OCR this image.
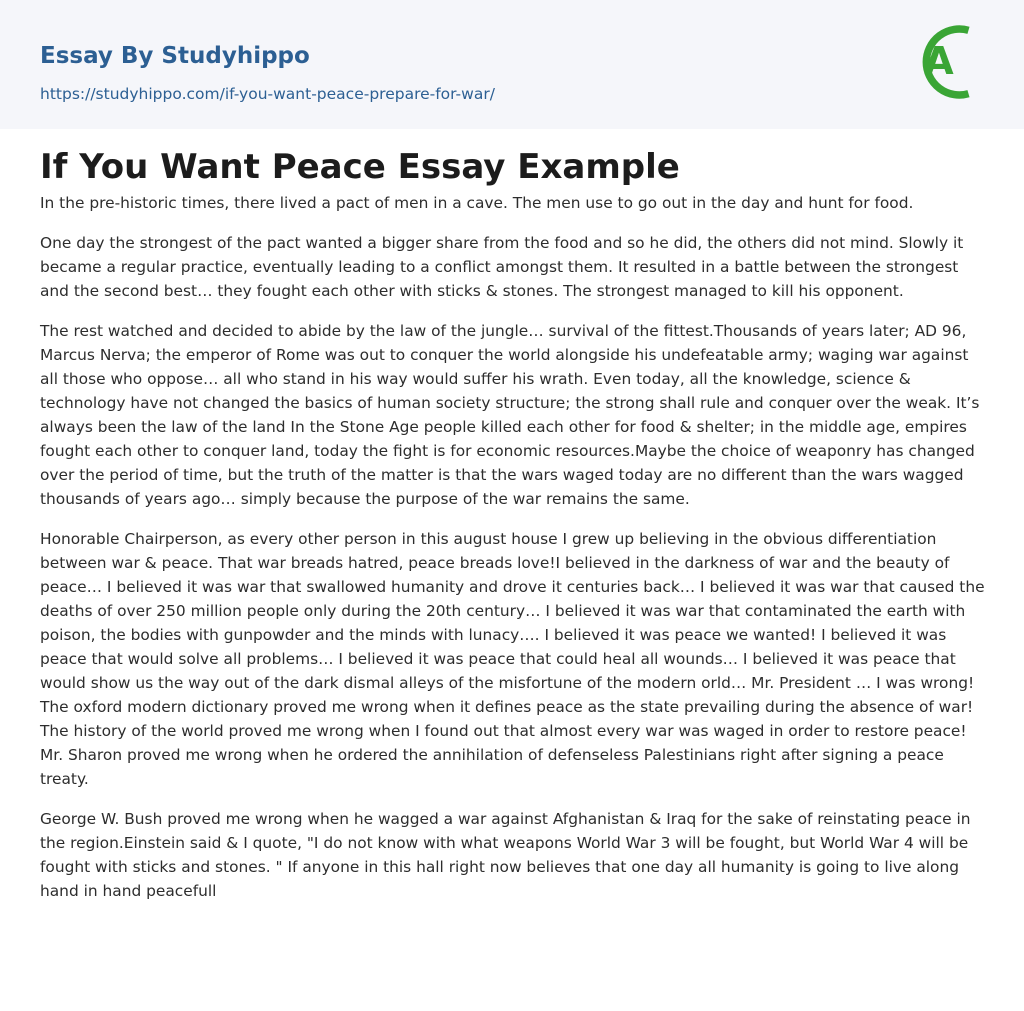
Essay By Studyhippo
https://studyhippo.com/if-you-want-peace-prepare-for-war/
A
If You Want Peace Essay Example

In the pre-historic times, there lived a pact of men in a cave. The men use to go out in the day and hunt for food.

One day the strongest of the pact wanted a bigger share from the food and so he did, the others did not mind. Slowly it became a regular practice, eventually leading to a conflict amongst them. It resulted in a battle between the strongest and the second best… they fought each other with sticks & stones. The strongest managed to kill his opponent.

The rest watched and decided to abide by the law of the jungle… survival of the fittest.Thousands of years later; AD 96, Marcus Nerva; the emperor of Rome was out to conquer the world alongside his undefeatable army; waging war against all those who oppose… all who stand in his way would suffer his wrath. Even today, all the knowledge, science & technology have not changed the basics of human society structure; the strong shall rule and conquer over the weak. It’s always been the law of the land In the Stone Age people killed each other for food & shelter; in the middle age, empires fought each other to conquer land, today the fight is for economic resources.Maybe the choice of weaponry has changed over the period of time, but the truth of the matter is that the wars waged today are no different than the wars wagged thousands of years ago… simply because the purpose of the war remains the same.

Honorable Chairperson, as every other person in this august house I grew up believing in the obvious differentiation between war & peace. That war breads hatred, peace breads love!I believed in the darkness of war and the beauty of peace… I believed it was war that swallowed humanity and drove it centuries back… I believed it was war that caused the deaths of over 250 million people only during the 20th century… I believed it was war that contaminated the earth with poison, the bodies with gunpowder and the minds with lunacy…. I believed it was peace we wanted! I believed it was peace that would solve all problems… I believed it was peace that could heal all wounds… I believed it was peace that would show us the way out of the dark dismal alleys of the misfortune of the modern orld… Mr. President … I was wrong! The oxford modern dictionary proved me wrong when it defines peace as the state prevailing during the absence of war! The history of the world proved me wrong when I found out that almost every war was waged in order to restore peace! Mr. Sharon proved me wrong when he ordered the annihilation of defenseless Palestinians right after signing a peace treaty.

George W. Bush proved me wrong when he wagged a war against Afghanistan & Iraq for the sake of reinstating peace in the region.Einstein said & I quote, "I do not know with what weapons World War 3 will be fought, but World War 4 will be fought with sticks and stones. " If anyone in this hall right now believes that one day all humanity is going to live along hand in hand peacefull
